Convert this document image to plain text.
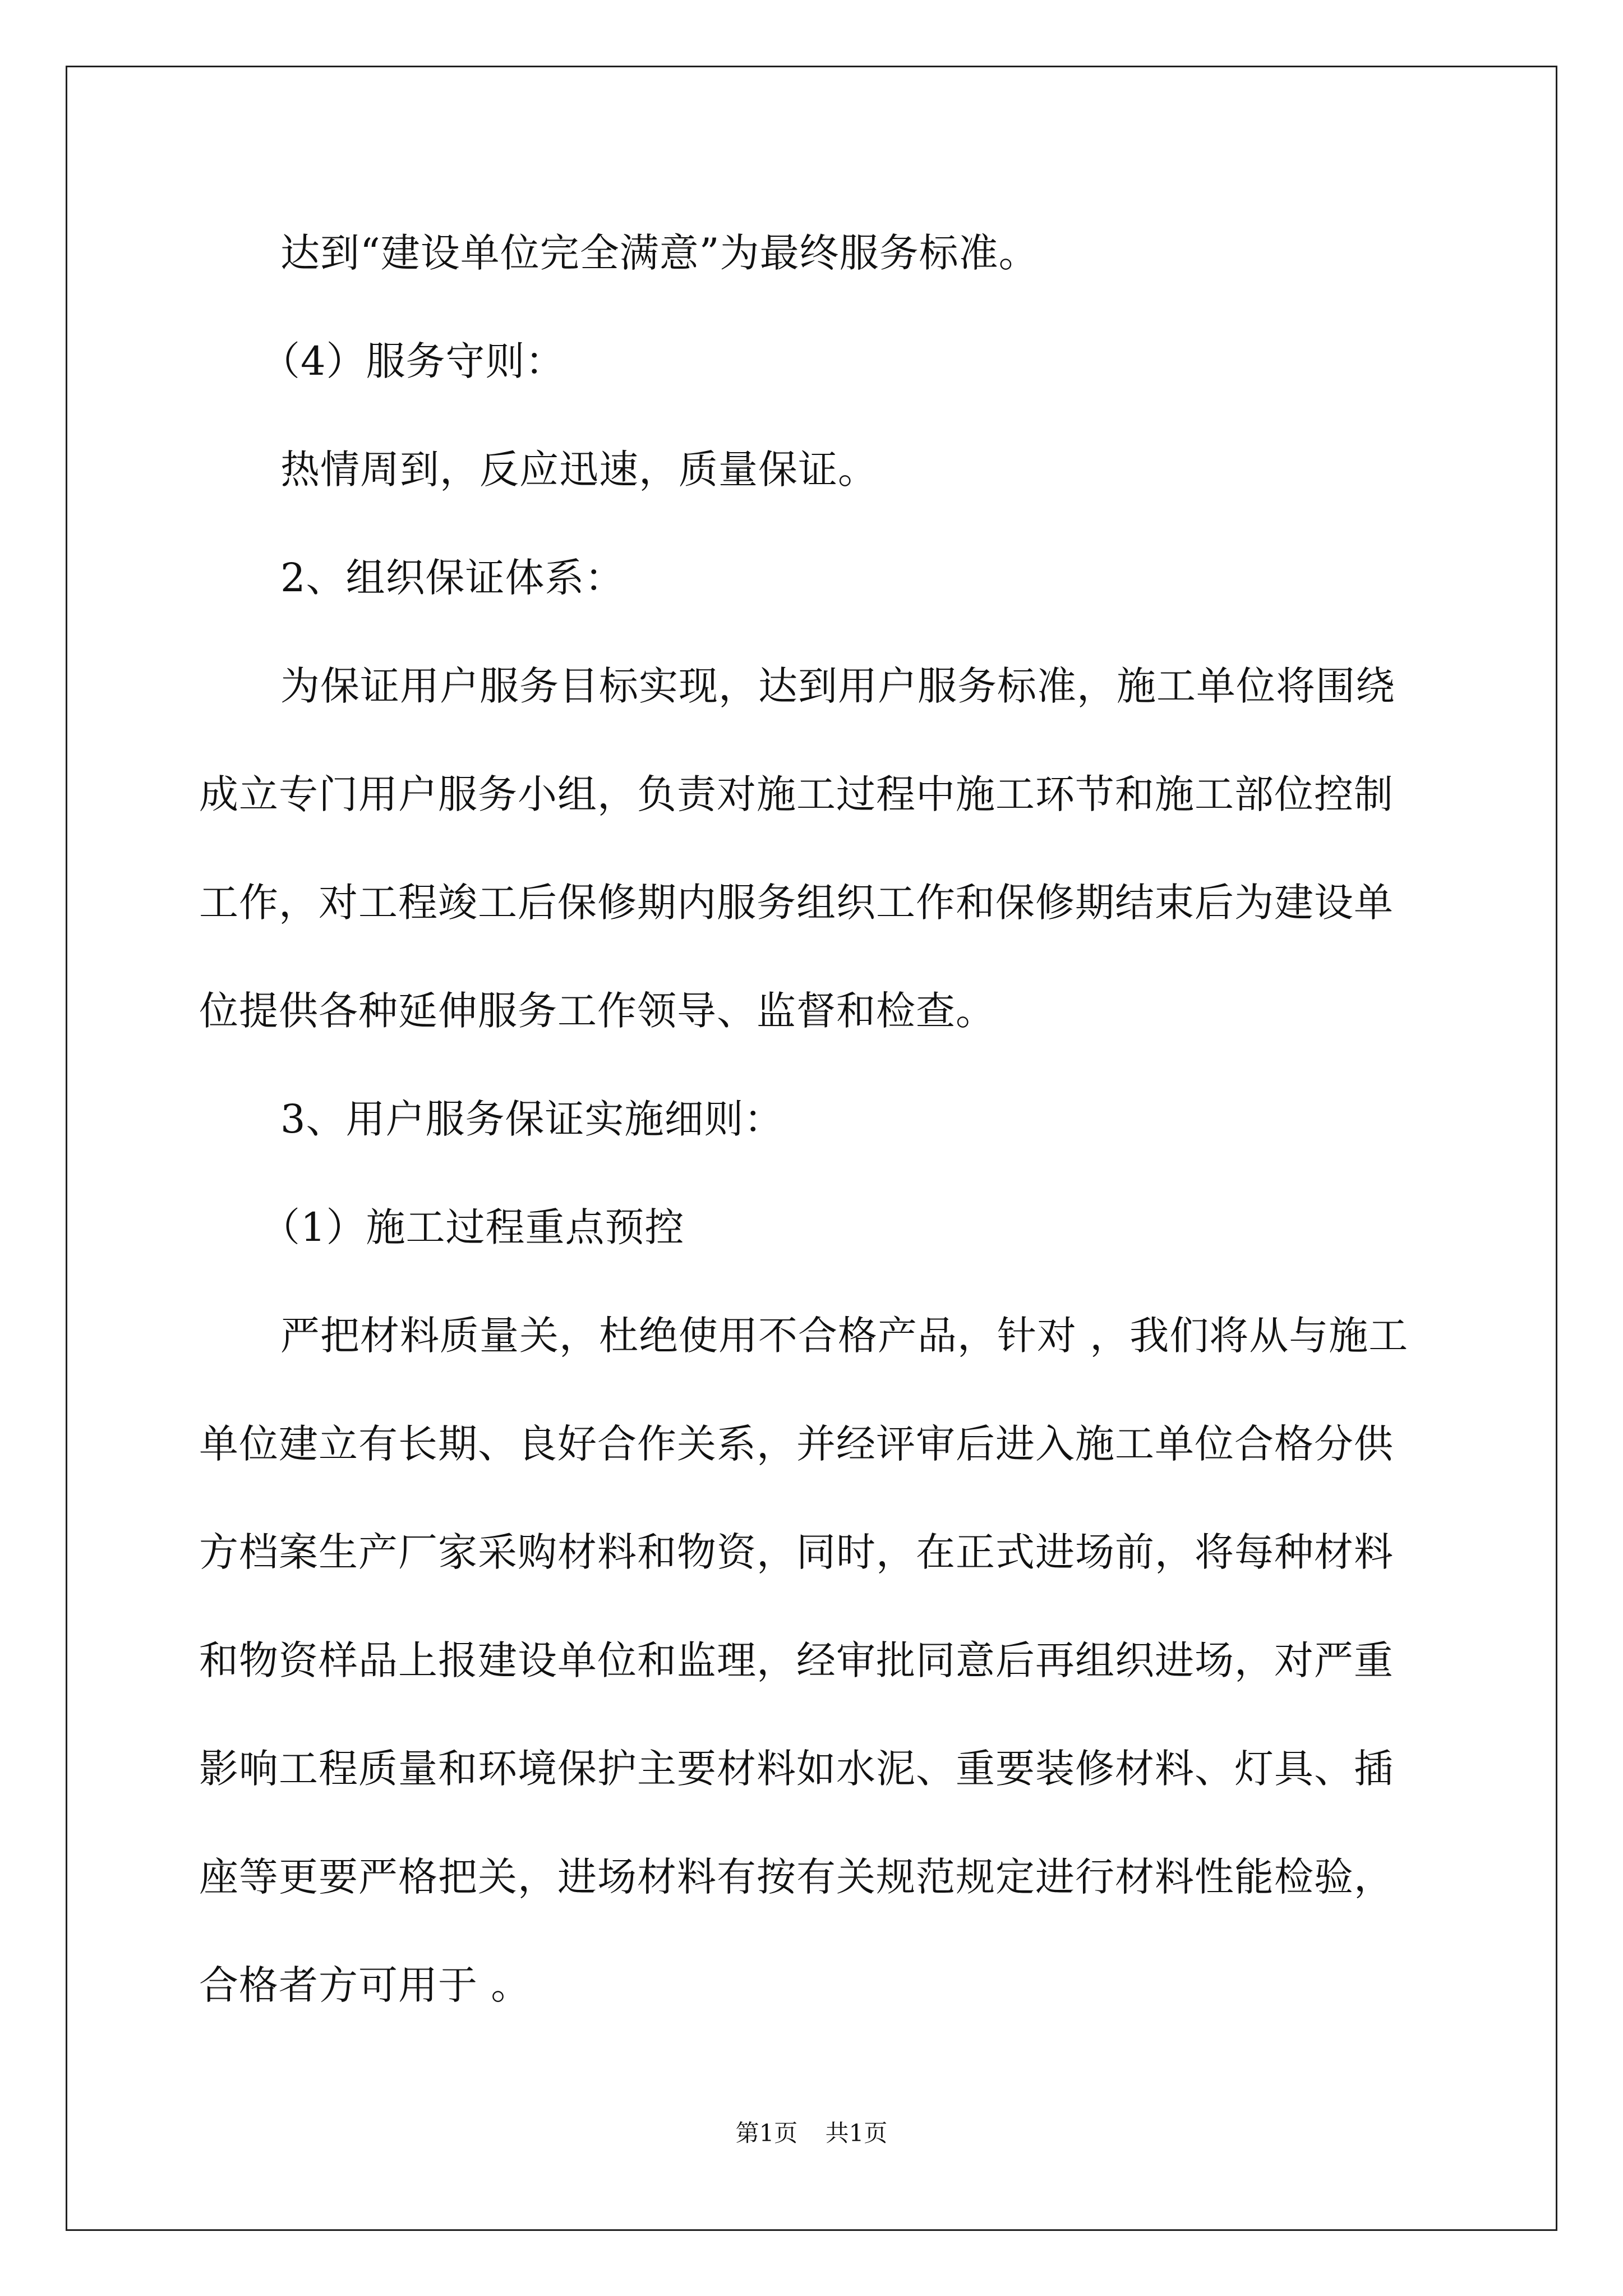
达到“建设单位完全满意”为最终服务标准。

（4）服务守则：

热情周到，反应迅速，质量保证。

2、组织保证体系：

为保证用户服务目标实现，达到用户服务标准，施工单位将围绕成立专门用户服务小组，负责对施工过程中施工环节和施工部位控制工作，对工程竣工后保修期内服务组织工作和保修期结束后为建设单位提供各种延伸服务工作领导、监督和检查。

3、用户服务保证实施细则：

（1）施工过程重点预控

严把材料质量关，杜绝使用不合格产品，针对 ，我们将从与施工单位建立有长期、良好合作关系，并经评审后进入施工单位合格分供方档案生产厂家采购材料和物资，同时，在正式进场前，将每种材料和物资样品上报建设单位和监理，经审批同意后再组织进场，对严重影响工程质量和环境保护主要材料如水泥、重要装修材料、灯具、插座等更要严格把关，进场材料有按有关规范规定进行材料性能检验，合格者方可用于 。

第1页 共1页
